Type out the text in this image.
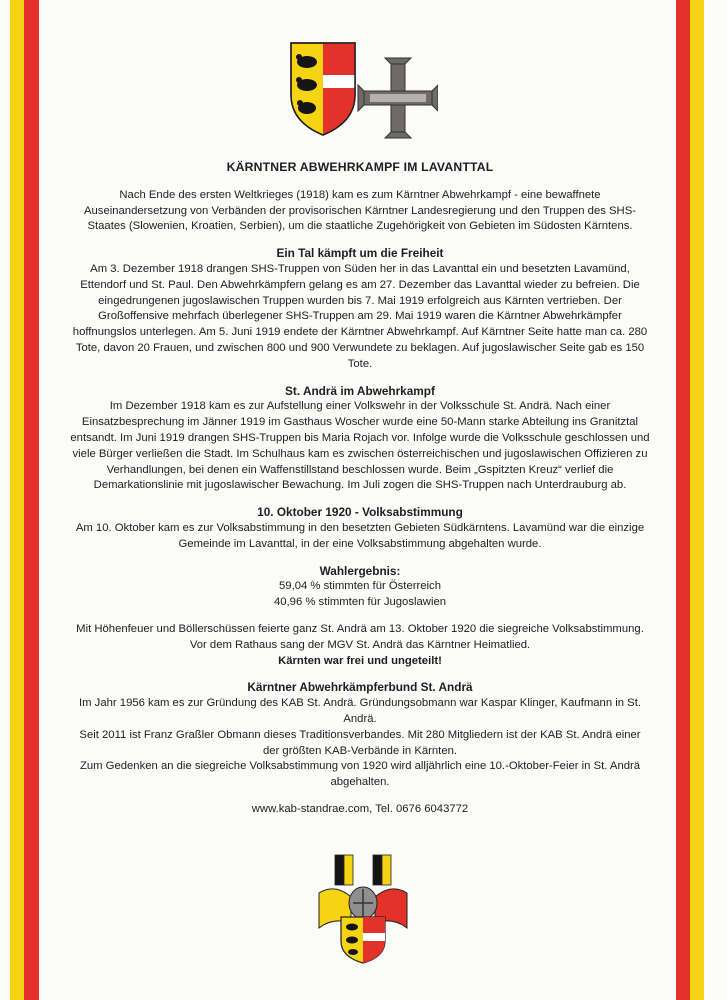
KÄRNTNER ABWEHRKAMPF IM LAVANTTAL

Nach Ende des ersten Weltkrieges (1918) kam es zum Kärntner Abwehrkampf - eine bewaffnete Auseinandersetzung von Verbänden der provisorischen Kärntner Landesregierung und den Truppen des SHS-Staates (Slowenien, Kroatien, Serbien), um die staatliche Zugehörigkeit von Gebieten im Südosten Kärntens.

Ein Tal kämpft um die Freiheit

Am 3. Dezember 1918 drangen SHS-Truppen von Süden her in das Lavanttal ein und besetzten Lavamünd, Ettendorf und St. Paul. Den Abwehrkämpfern gelang es am 27. Dezember das Lavanttal wieder zu befreien. Die eingedrungenen jugoslawischen Truppen wurden bis 7. Mai 1919 erfolgreich aus Kärnten vertrieben. Der Großoffensive mehrfach überlegener SHS-Truppen am 29. Mai 1919 waren die Kärntner Abwehrkämpfer hoffnungslos unterlegen. Am 5. Juni 1919 endete der Kärntner Abwehrkampf. Auf Kärntner Seite hatte man ca. 280 Tote, davon 20 Frauen, und zwischen 800 und 900 Verwundete zu beklagen. Auf jugoslawischer Seite gab es 150 Tote.

St. Andrä im Abwehrkampf

Im Dezember 1918 kam es zur Aufstellung einer Volkswehr in der Volksschule St. Andrä. Nach einer Einsatzbesprechung im Jänner 1919 im Gasthaus Woscher wurde eine 50-Mann starke Abteilung ins Granitztal entsandt. Im Juni 1919 drangen SHS-Truppen bis Maria Rojach vor. Infolge wurde die Volksschule geschlossen und viele Bürger verließen die Stadt. Im Schulhaus kam es zwischen österreichischen und jugoslawischen Offizieren zu Verhandlungen, bei denen ein Waffenstillstand beschlossen wurde. Beim „Gspitzten Kreuz“ verlief die Demarkationslinie mit jugoslawischer Bewachung. Im Juli zogen die SHS-Truppen nach Unterdrauburg ab.

10. Oktober 1920 - Volksabstimmung

Am 10. Oktober kam es zur Volksabstimmung in den besetzten Gebieten Südkärntens. Lavamünd war die einzige Gemeinde im Lavanttal, in der eine Volksabstimmung abgehalten wurde.

Wahlergebnis:

59,04 % stimmten für Österreich

40,96 % stimmten für Jugoslawien

Mit Höhenfeuer und Böllerschüssen feierte ganz St. Andrä am 13. Oktober 1920 die siegreiche Volksabstimmung. Vor dem Rathaus sang der MGV St. Andrä das Kärntner Heimatlied.

Kärnten war frei und ungeteilt!

Kärntner Abwehrkämpferbund St. Andrä

Im Jahr 1956 kam es zur Gründung des KAB St. Andrä. Gründungsobmann war Kaspar Klinger, Kaufmann in St. Andrä.

Seit 2011 ist Franz Graßler Obmann dieses Traditionsverbandes. Mit 280 Mitgliedern ist der KAB St. Andrä einer der größten KAB-Verbände in Kärnten.

Zum Gedenken an die siegreiche Volksabstimmung von 1920 wird alljährlich eine 10.-Oktober-Feier in St. Andrä abgehalten.

www.kab-standrae.com, Tel. 0676 6043772
